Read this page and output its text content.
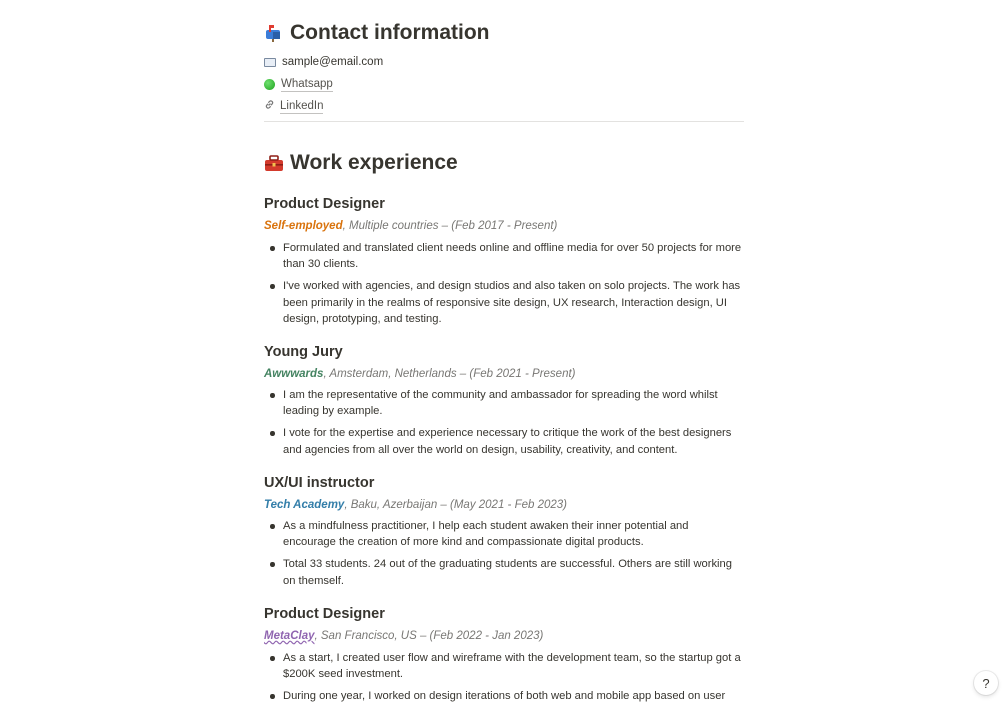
Contact information
sample@email.com
Whatsapp
LinkedIn
Work experience
Product Designer
Self-employed, Multiple countries – (Feb 2017 - Present)
Formulated and translated client needs online and offline media for over 50 projects for more than 30 clients.
I've worked with agencies, and design studios and also taken on solo projects. The work has been primarily in the realms of responsive site design, UX research, Interaction design, UI design, prototyping, and testing.
Young Jury
Awwwards, Amsterdam, Netherlands – (Feb 2021 - Present)
I am the representative of the community and ambassador for spreading the word whilst leading by example.
I vote for the expertise and experience necessary to critique the work of the best designers and agencies from all over the world on design, usability, creativity, and content.
UX/UI instructor
Tech Academy, Baku, Azerbaijan – (May 2021 - Feb 2023)
As a mindfulness practitioner, I help each student awaken their inner potential and encourage the creation of more kind and compassionate digital products.
Total 33 students. 24 out of the graduating students are successful. Others are still working on themself.
Product Designer
MetaClay, San Francisco, US – (Feb 2022 - Jan 2023)
As a start, I created user flow and wireframe with the development team, so the startup got a $200K seed investment.
During one year, I worked on design iterations of both web and mobile app based on user
?
